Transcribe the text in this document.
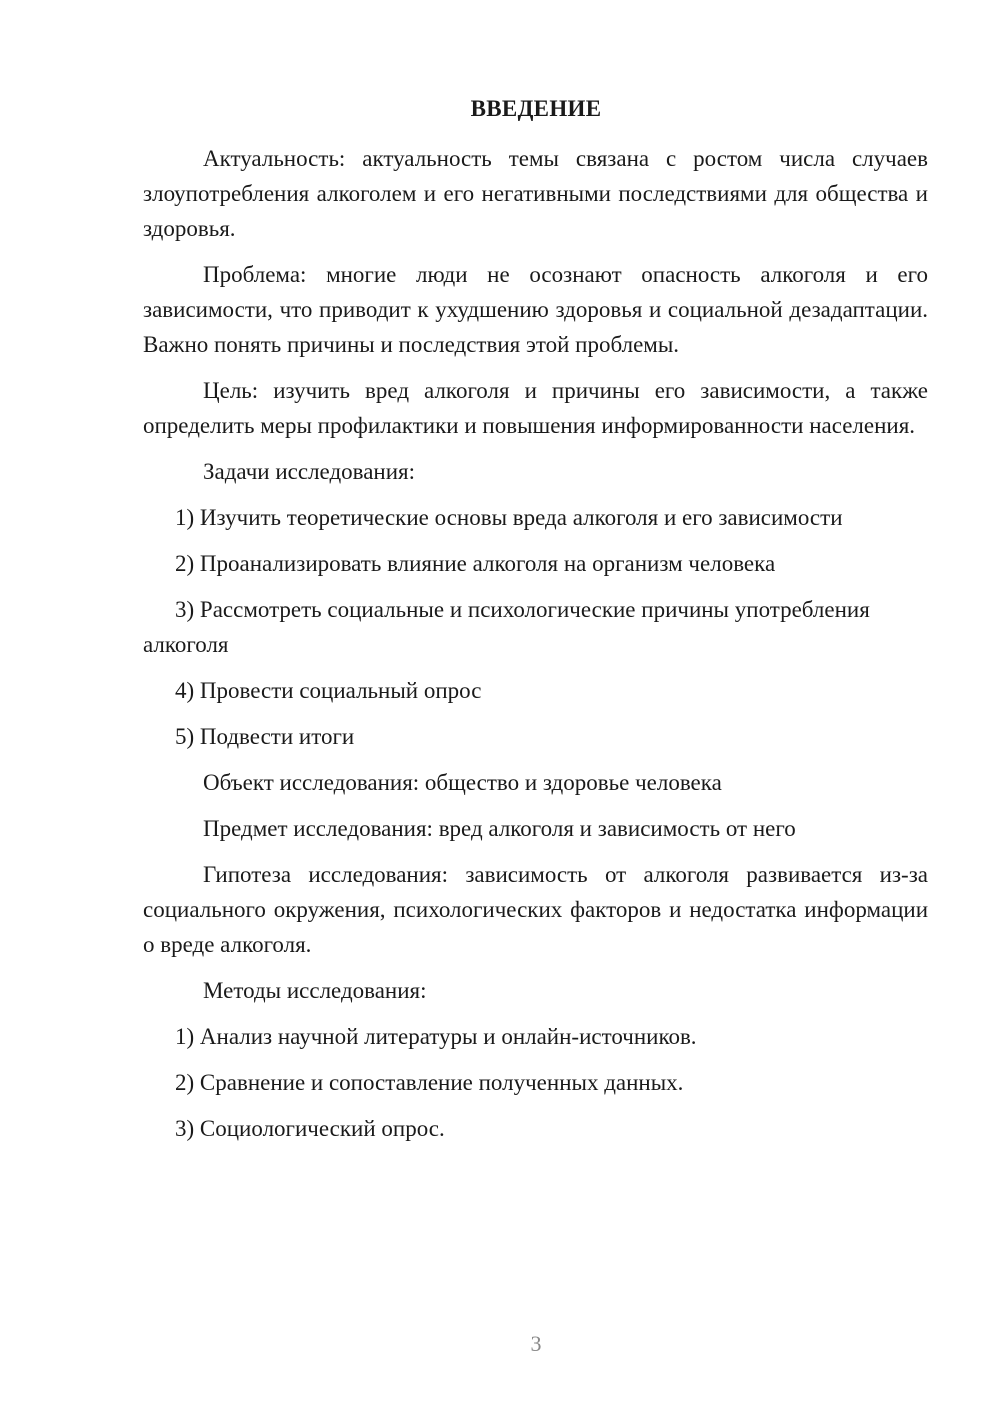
ВВЕДЕНИЕ

Актуальность: актуальность темы связана с ростом числа случаев злоупотребления алкоголем и его негативными последствиями для общества и здоровья.

Проблема: многие люди не осознают опасность алкоголя и его зависимости, что приводит к ухудшению здоровья и социальной дезадаптации. Важно понять причины и последствия этой проблемы.

Цель: изучить вред алкоголя и причины его зависимости, а также определить меры профилактики и повышения информированности населения.

Задачи исследования:

1) Изучить теоретические основы вреда алкоголя и его зависимости

2) Проанализировать влияние алкоголя на организм человека

3) Рассмотреть социальные и психологические причины употребления алкоголя

4) Провести социальный опрос

5) Подвести итоги

Объект исследования: общество и здоровье человека

Предмет исследования: вред алкоголя и зависимость от него

Гипотеза исследования: зависимость от алкоголя развивается из-за социального окружения, психологических факторов и недостатка информации о вреде алкоголя.

Методы исследования:

1) Анализ научной литературы и онлайн-источников.

2) Сравнение и сопоставление полученных данных.

3) Социологический опрос.

3
